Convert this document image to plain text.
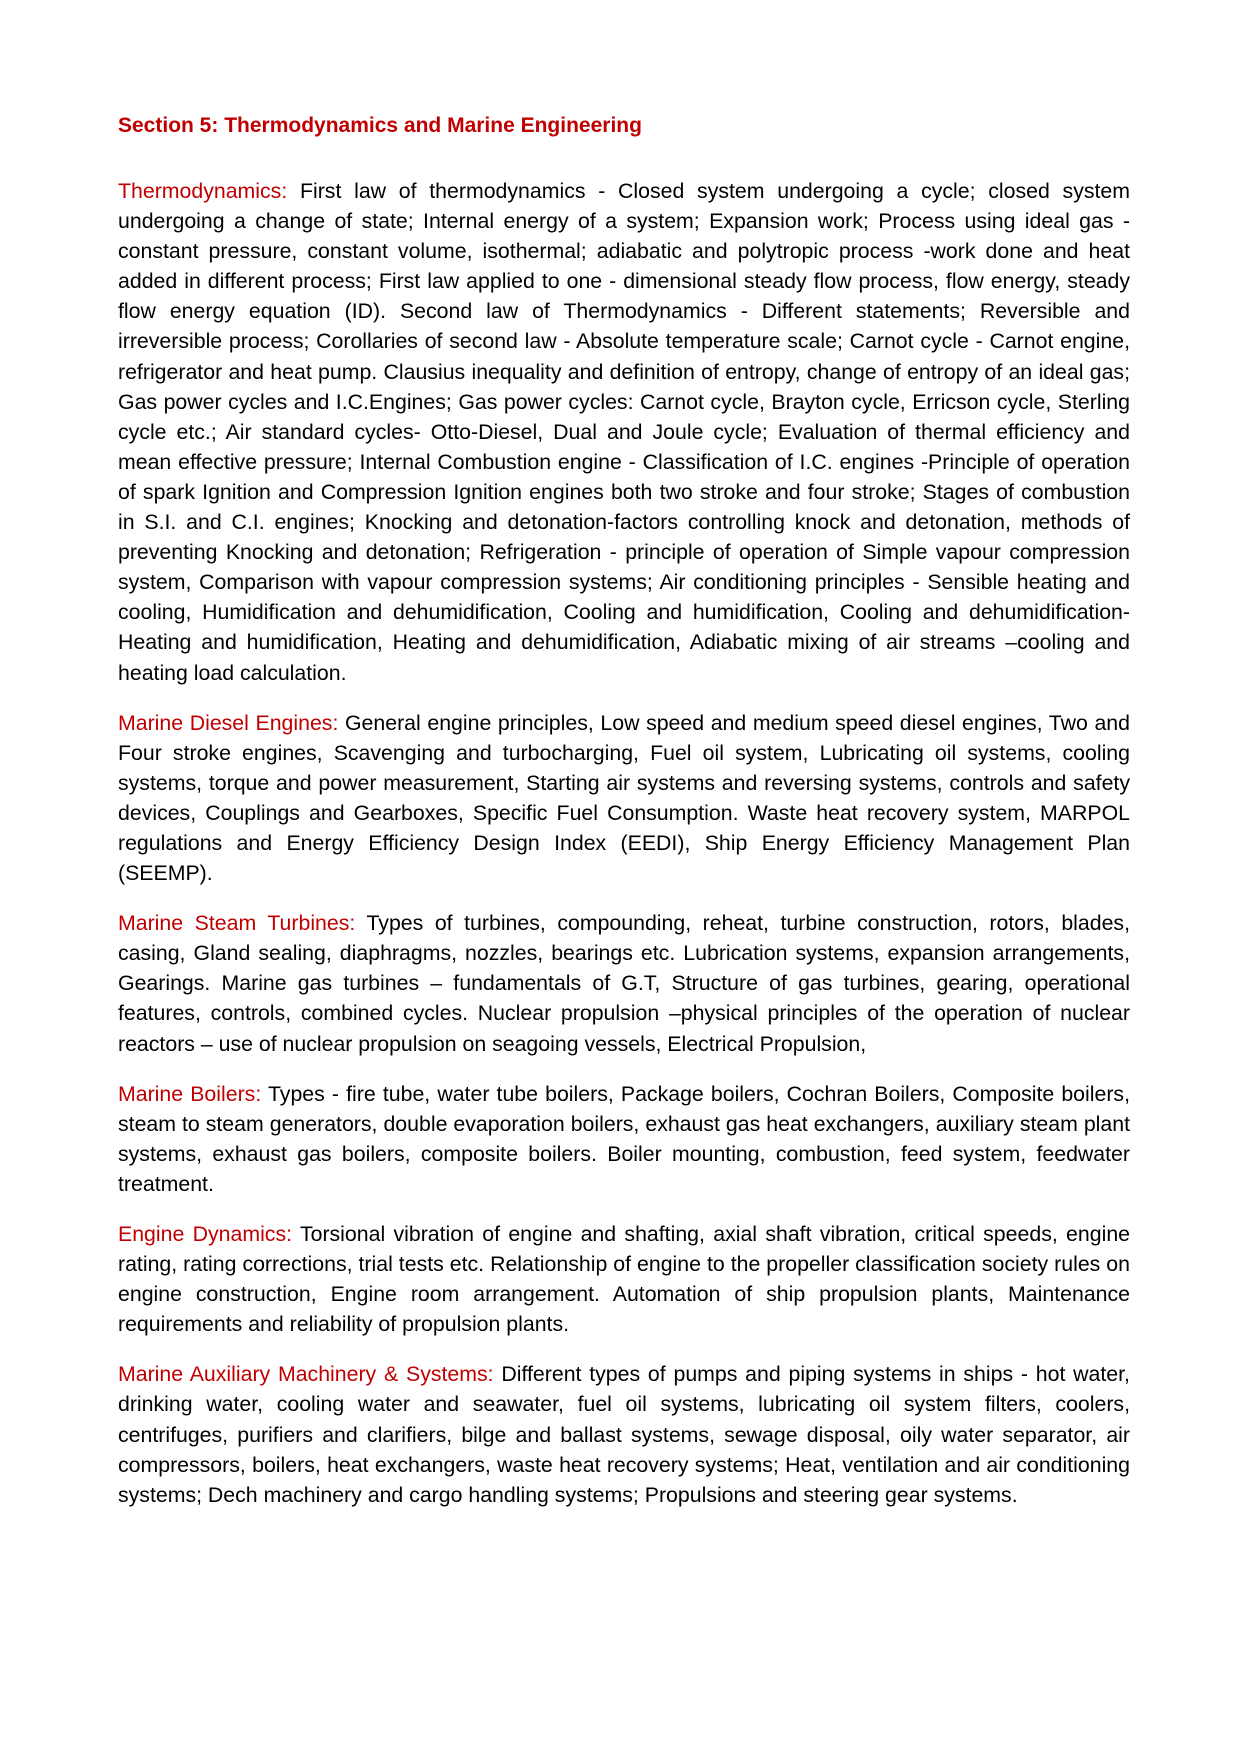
Section 5: Thermodynamics and Marine Engineering

Thermodynamics: First law of thermodynamics - Closed system undergoing a cycle; closed system undergoing a change of state; Internal energy of a system; Expansion work; Process using ideal gas - constant pressure, constant volume, isothermal; adiabatic and polytropic process -work done and heat added in different process; First law applied to one - dimensional steady flow process, flow energy, steady flow energy equation (ID). Second law of Thermodynamics - Different statements; Reversible and irreversible process; Corollaries of second law - Absolute temperature scale; Carnot cycle - Carnot engine, refrigerator and heat pump. Clausius inequality and definition of entropy, change of entropy of an ideal gas; Gas power cycles and I.C.Engines; Gas power cycles: Carnot cycle, Brayton cycle, Erricson cycle, Sterling cycle etc.; Air standard cycles- Otto-Diesel, Dual and Joule cycle; Evaluation of thermal efficiency and mean effective pressure; Internal Combustion engine - Classification of I.C. engines -Principle of operation of spark Ignition and Compression Ignition engines both two stroke and four stroke; Stages of combustion in S.I. and C.I. engines; Knocking and detonation-factors controlling knock and detonation, methods of preventing Knocking and detonation; Refrigeration - principle of operation of Simple vapour compression system, Comparison with vapour compression systems; Air conditioning principles - Sensible heating and cooling, Humidification and dehumidification, Cooling and humidification, Cooling and dehumidification- Heating and humidification, Heating and dehumidification, Adiabatic mixing of air streams –cooling and heating load calculation.

Marine Diesel Engines: General engine principles, Low speed and medium speed diesel engines, Two and Four stroke engines, Scavenging and turbocharging, Fuel oil system, Lubricating oil systems, cooling systems, torque and power measurement, Starting air systems and reversing systems, controls and safety devices, Couplings and Gearboxes, Specific Fuel Consumption. Waste heat recovery system, MARPOL regulations and Energy Efficiency Design Index (EEDI), Ship Energy Efficiency Management Plan (SEEMP).

Marine Steam Turbines: Types of turbines, compounding, reheat, turbine construction, rotors, blades, casing, Gland sealing, diaphragms, nozzles, bearings etc. Lubrication systems, expansion arrangements, Gearings. Marine gas turbines – fundamentals of G.T, Structure of gas turbines, gearing, operational features, controls, combined cycles. Nuclear propulsion –physical principles of the operation of nuclear reactors – use of nuclear propulsion on seagoing vessels, Electrical Propulsion,

Marine Boilers: Types - fire tube, water tube boilers, Package boilers, Cochran Boilers, Composite boilers, steam to steam generators, double evaporation boilers, exhaust gas heat exchangers, auxiliary steam plant systems, exhaust gas boilers, composite boilers. Boiler mounting, combustion, feed system, feedwater treatment.

Engine Dynamics: Torsional vibration of engine and shafting, axial shaft vibration, critical speeds, engine rating, rating corrections, trial tests etc. Relationship of engine to the propeller classification society rules on engine construction, Engine room arrangement. Automation of ship propulsion plants, Maintenance requirements and reliability of propulsion plants.

Marine Auxiliary Machinery & Systems: Different types of pumps and piping systems in ships - hot water, drinking water, cooling water and seawater, fuel oil systems, lubricating oil system filters, coolers, centrifuges, purifiers and clarifiers, bilge and ballast systems, sewage disposal, oily water separator, air compressors, boilers, heat exchangers, waste heat recovery systems; Heat, ventilation and air conditioning systems; Dech machinery and cargo handling systems; Propulsions and steering gear systems.
